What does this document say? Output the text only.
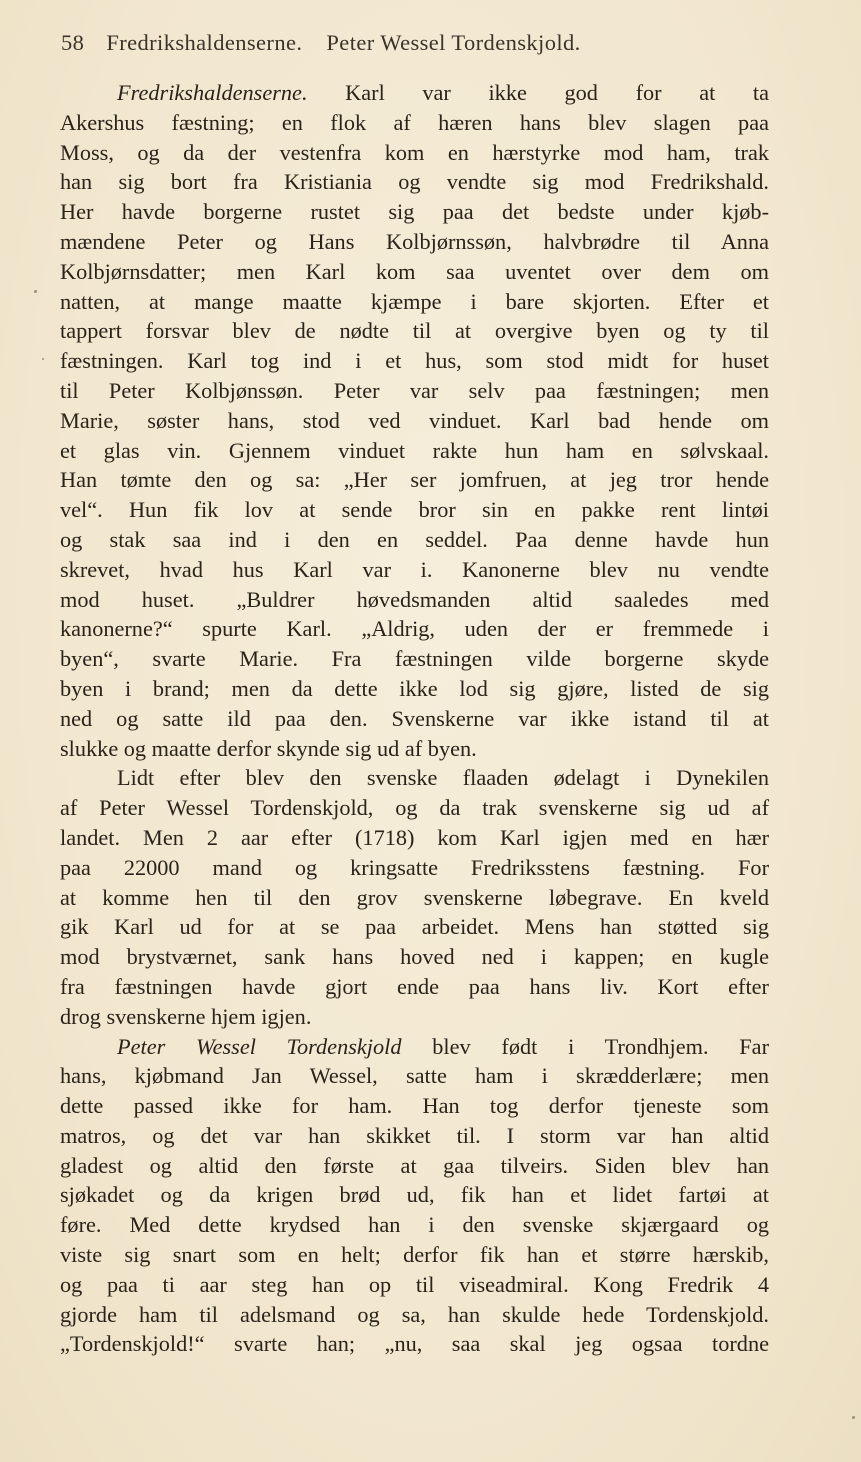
58 Fredrikshaldenserne. Peter Wessel Tordenskjold.
Fredrikshaldenserne. Karl var ikke god for at ta
Akershus fæstning; en flok af hæren hans blev slagen paa
Moss, og da der vestenfra kom en hærstyrke mod ham, trak
han sig bort fra Kristiania og vendte sig mod Fredrikshald.
Her havde borgerne rustet sig paa det bedste under kjøb-
mændene Peter og Hans Kolbjørnssøn, halvbrødre til Anna
Kolbjørnsdatter; men Karl kom saa uventet over dem om
natten, at mange maatte kjæmpe i bare skjorten. Efter et
tappert forsvar blev de nødte til at overgive byen og ty til
fæstningen. Karl tog ind i et hus, som stod midt for huset
til Peter Kolbjønssøn. Peter var selv paa fæstningen; men
Marie, søster hans, stod ved vinduet. Karl bad hende om
et glas vin. Gjennem vinduet rakte hun ham en sølvskaal.
Han tømte den og sa: „Her ser jomfruen, at jeg tror hende
vel“. Hun fik lov at sende bror sin en pakke rent lintøi
og stak saa ind i den en seddel. Paa denne havde hun
skrevet, hvad hus Karl var i. Kanonerne blev nu vendte
mod huset. „Buldrer høvedsmanden altid saaledes med
kanonerne?“ spurte Karl. „Aldrig, uden der er fremmede i
byen“, svarte Marie. Fra fæstningen vilde borgerne skyde
byen i brand; men da dette ikke lod sig gjøre, listed de sig
ned og satte ild paa den. Svenskerne var ikke istand til at
slukke og maatte derfor skynde sig ud af byen.
Lidt efter blev den svenske flaaden ødelagt i Dynekilen
af Peter Wessel Tordenskjold, og da trak svenskerne sig ud af
landet. Men 2 aar efter (1718) kom Karl igjen med en hær
paa 22000 mand og kringsatte Fredriksstens fæstning. For
at komme hen til den grov svenskerne løbegrave. En kveld
gik Karl ud for at se paa arbeidet. Mens han støtted sig
mod brystværnet, sank hans hoved ned i kappen; en kugle
fra fæstningen havde gjort ende paa hans liv. Kort efter
drog svenskerne hjem igjen.
Peter Wessel Tordenskjold blev født i Trondhjem. Far
hans, kjøbmand Jan Wessel, satte ham i skrædderlære; men
dette passed ikke for ham. Han tog derfor tjeneste som
matros, og det var han skikket til. I storm var han altid
gladest og altid den første at gaa tilveirs. Siden blev han
sjøkadet og da krigen brød ud, fik han et lidet fartøi at
føre. Med dette krydsed han i den svenske skjærgaard og
viste sig snart som en helt; derfor fik han et større hærskib,
og paa ti aar steg han op til viseadmiral. Kong Fredrik 4
gjorde ham til adelsmand og sa, han skulde hede Tordenskjold.
„Tordenskjold!“ svarte han; „nu, saa skal jeg ogsaa tordne
